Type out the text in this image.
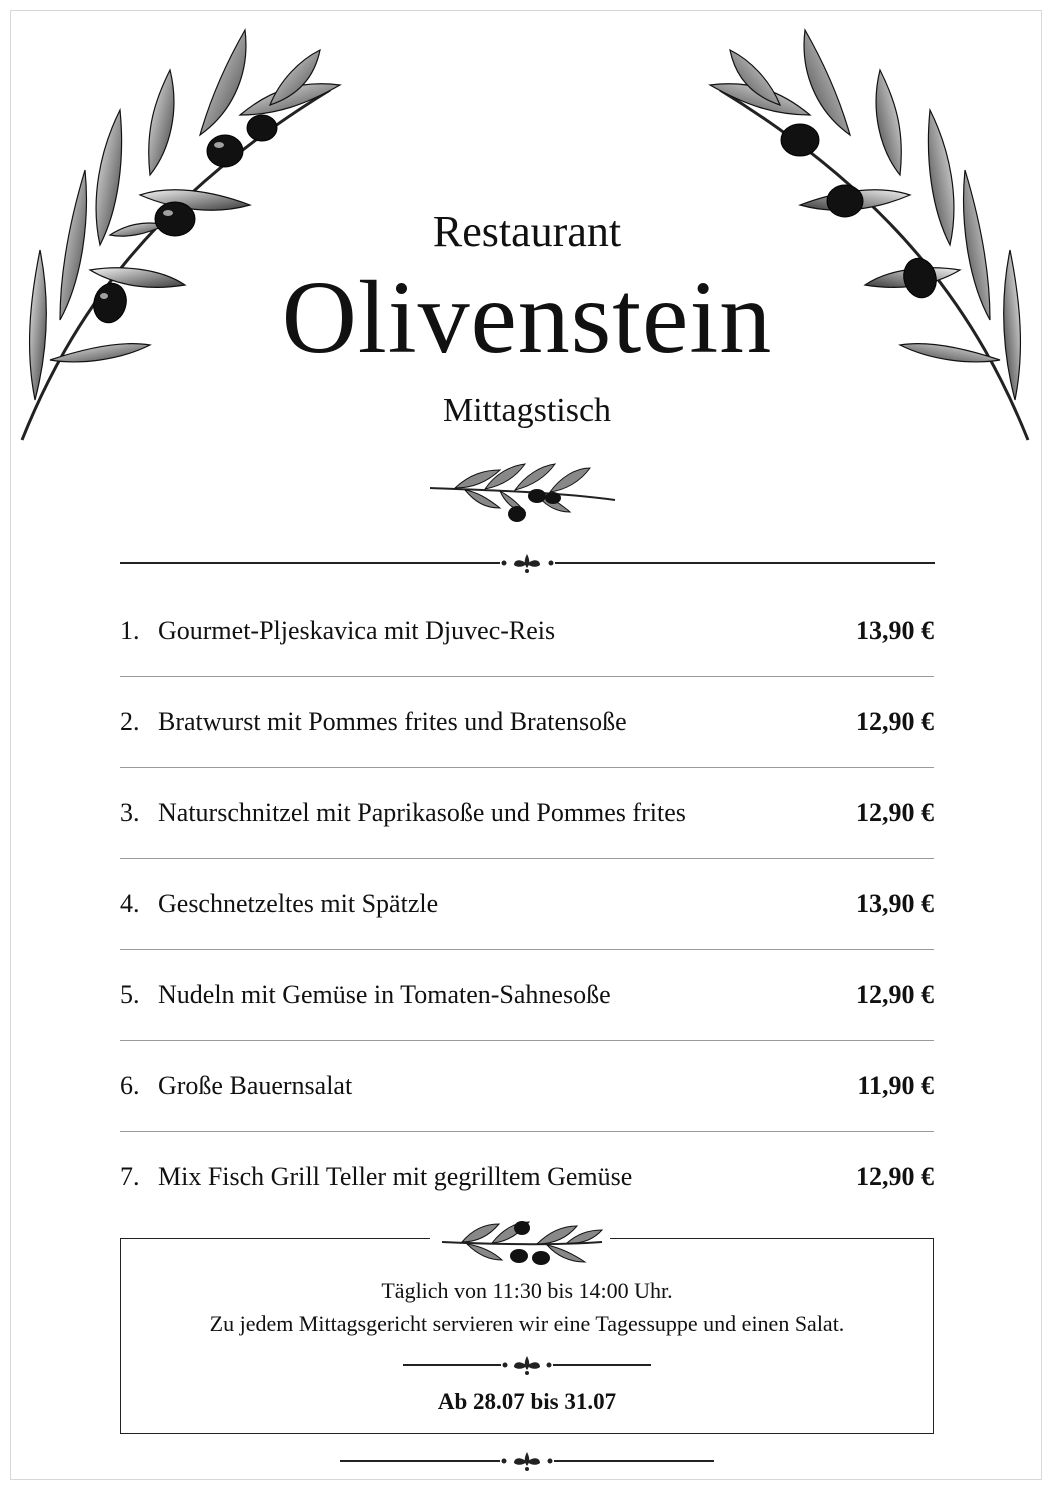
Restaurant
Olivenstein
Mittagstisch
1. Gourmet-Pljeskavica mit Djuvec-Reis	13,90 €
2. Bratwurst mit Pommes frites und Bratensoße	12,90 €
3. Naturschnitzel mit Paprikasoße und Pommes frites	12,90 €
4. Geschnetzeltes mit Spätzle	13,90 €
5. Nudeln mit Gemüse in Tomaten-Sahnesoße	12,90 €
6. Große Bauernsalat	11,90 €
7. Mix Fisch Grill Teller mit gegrilltem Gemüse	12,90 €
Täglich von 11:30 bis 14:00 Uhr.
Zu jedem Mittagsgericht servieren wir eine Tagessuppe und einen Salat.
Ab 28.07 bis 31.07
